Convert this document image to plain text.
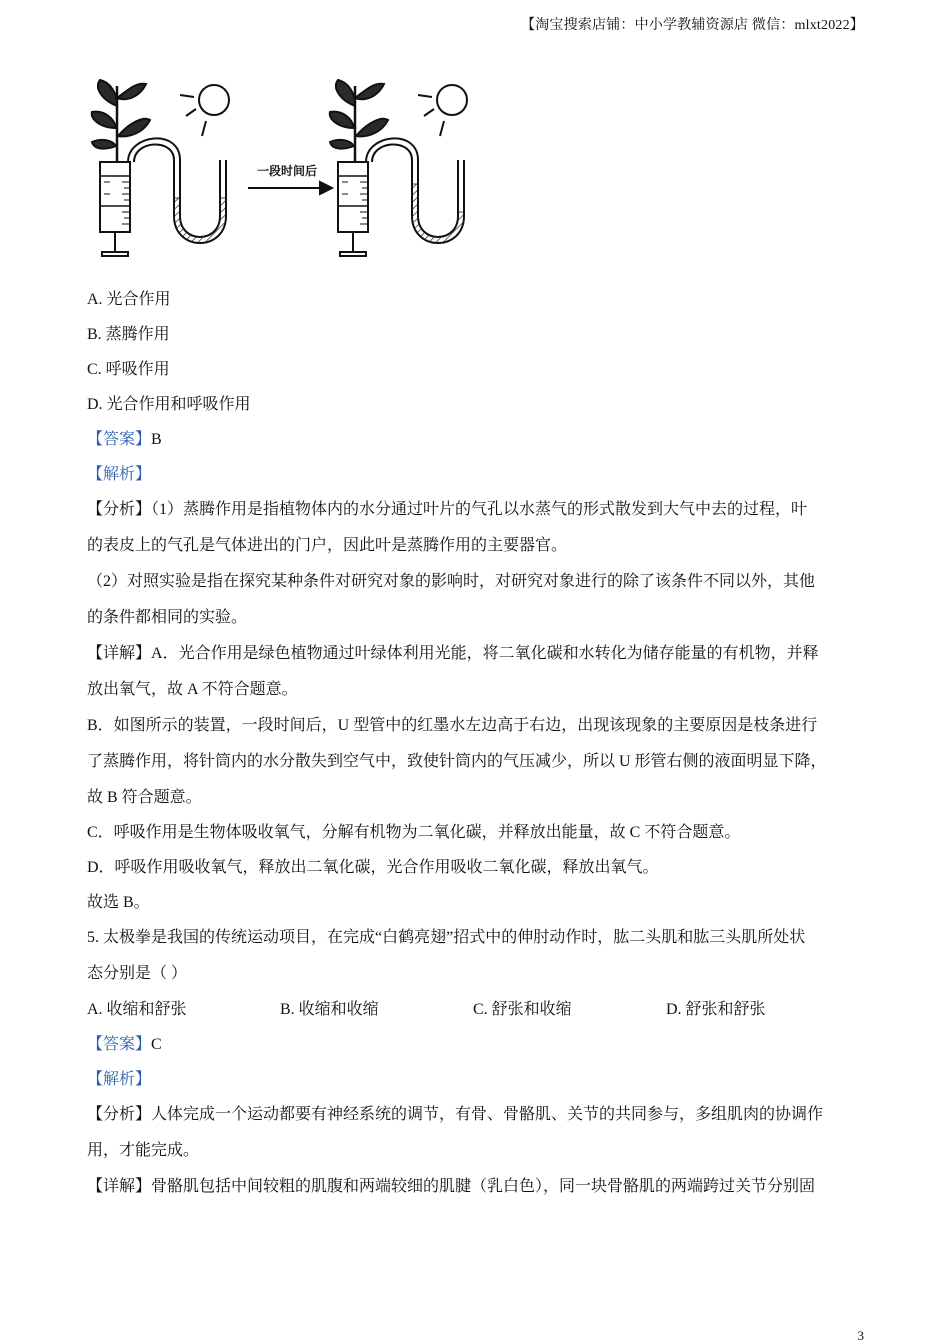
【淘宝搜索店铺：中小学教辅资源店 微信：mlxt2022】
一段时间后
A. 光合作用
B. 蒸腾作用
C. 呼吸作用
D. 光合作用和呼吸作用
【答案】B
【解析】
【分析】（1）蒸腾作用是指植物体内的水分通过叶片的气孔以水蒸气的形式散发到大气中去的过程，叶
的表皮上的气孔是气体进出的门户，因此叶是蒸腾作用的主要器官。
（2）对照实验是指在探究某种条件对研究对象的影响时，对研究对象进行的除了该条件不同以外，其他
的条件都相同的实验。
【详解】A．光合作用是绿色植物通过叶绿体利用光能，将二氧化碳和水转化为储存能量的有机物，并释
放出氧气，故 A 不符合题意。
B．如图所示的装置，一段时间后，U 型管中的红墨水左边高于右边，出现该现象的主要原因是枝条进行
了蒸腾作用，将针筒内的水分散失到空气中，致使针筒内的气压减少，所以 U 形管右侧的液面明显下降，
故 B 符合题意。
C．呼吸作用是生物体吸收氧气，分解有机物为二氧化碳，并释放出能量，故 C 不符合题意。
D．呼吸作用吸收氧气，释放出二氧化碳，光合作用吸收二氧化碳，释放出氧气。
故选 B。
5. 太极拳是我国的传统运动项目，在完成“白鹤亮翅”招式中的伸肘动作时，肱二头肌和肱三头肌所处状
态分别是（ ）
A. 收缩和舒张	B. 收缩和收缩	C. 舒张和收缩	D. 舒张和舒张
【答案】C
【解析】
【分析】人体完成一个运动都要有神经系统的调节，有骨、骨骼肌、关节的共同参与，多组肌肉的协调作
用，才能完成。
【详解】骨骼肌包括中间较粗的肌腹和两端较细的肌腱（乳白色），同一块骨骼肌的两端跨过关节分别固
3
